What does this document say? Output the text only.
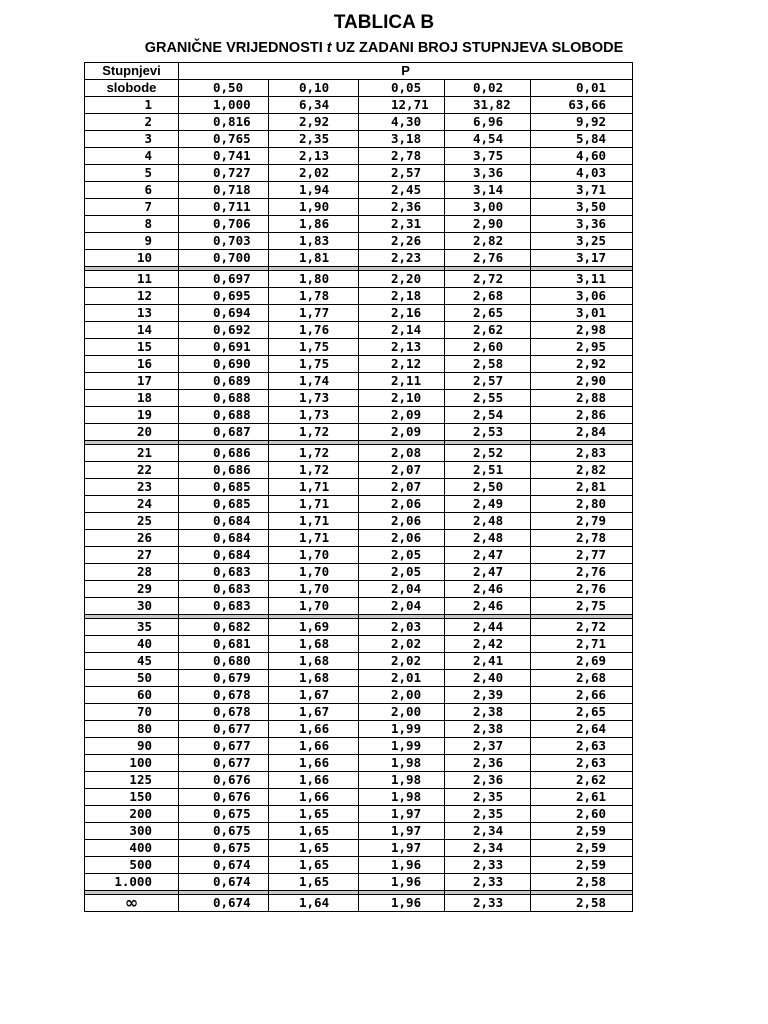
TABLICA B
GRANIČNE VRIJEDNOSTI t UZ ZADANI BROJ STUPNJEVA SLOBODE
Stupnjevi	P				
slobode	0,50	0,10	0,05	0,02	0,01
1	1,000	6,34	12,71	31,82	63,66
2	0,816	2,92	4,30	6,96	9,92
3	0,765	2,35	3,18	4,54	5,84
4	0,741	2,13	2,78	3,75	4,60
5	0,727	2,02	2,57	3,36	4,03
6	0,718	1,94	2,45	3,14	3,71
7	0,711	1,90	2,36	3,00	3,50
8	0,706	1,86	2,31	2,90	3,36
9	0,703	1,83	2,26	2,82	3,25
10	0,700	1,81	2,23	2,76	3,17

11	0,697	1,80	2,20	2,72	3,11
12	0,695	1,78	2,18	2,68	3,06
13	0,694	1,77	2,16	2,65	3,01
14	0,692	1,76	2,14	2,62	2,98
15	0,691	1,75	2,13	2,60	2,95
16	0,690	1,75	2,12	2,58	2,92
17	0,689	1,74	2,11	2,57	2,90
18	0,688	1,73	2,10	2,55	2,88
19	0,688	1,73	2,09	2,54	2,86
20	0,687	1,72	2,09	2,53	2,84

21	0,686	1,72	2,08	2,52	2,83
22	0,686	1,72	2,07	2,51	2,82
23	0,685	1,71	2,07	2,50	2,81
24	0,685	1,71	2,06	2,49	2,80
25	0,684	1,71	2,06	2,48	2,79
26	0,684	1,71	2,06	2,48	2,78
27	0,684	1,70	2,05	2,47	2,77
28	0,683	1,70	2,05	2,47	2,76
29	0,683	1,70	2,04	2,46	2,76
30	0,683	1,70	2,04	2,46	2,75

35	0,682	1,69	2,03	2,44	2,72
40	0,681	1,68	2,02	2,42	2,71
45	0,680	1,68	2,02	2,41	2,69
50	0,679	1,68	2,01	2,40	2,68
60	0,678	1,67	2,00	2,39	2,66
70	0,678	1,67	2,00	2,38	2,65
80	0,677	1,66	1,99	2,38	2,64
90	0,677	1,66	1,99	2,37	2,63
100	0,677	1,66	1,98	2,36	2,63
125	0,676	1,66	1,98	2,36	2,62
150	0,676	1,66	1,98	2,35	2,61
200	0,675	1,65	1,97	2,35	2,60
300	0,675	1,65	1,97	2,34	2,59
400	0,675	1,65	1,97	2,34	2,59
500	0,674	1,65	1,96	2,33	2,59
1.000	0,674	1,65	1,96	2,33	2,58

∞	0,674	1,64	1,96	2,33	2,58
